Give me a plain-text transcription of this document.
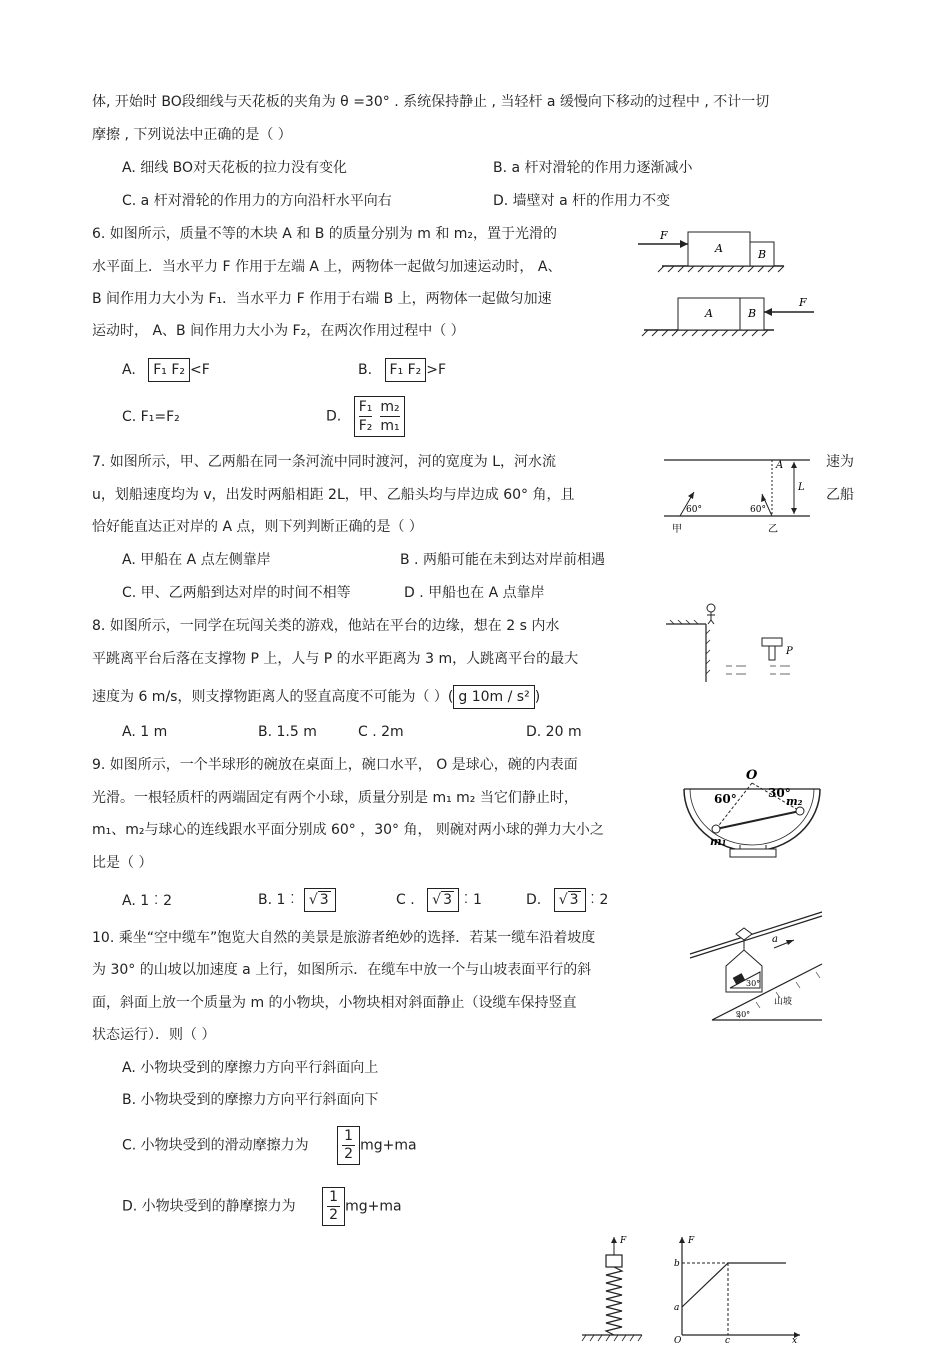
体, 开始时 BO段细线与天花板的夹角为 θ =30° . 系统保持静止 , 当轻杆 a 缓慢向下移动的过程中 , 不计一切
摩擦 , 下列说法中正确的是（ ）
A. 细线 BO对天花板的拉力没有变化	B. a 杆对滑轮的作用力逐渐减小
C. a 杆对滑轮的作用力的方向沿杆水平向右	D. 墙壁对 a 杆的作用力不变
6. 如图所示，质量不等的木块 A 和 B 的质量分别为 m 和 m₂，置于光滑的
水平面上．当水平力 F 作用于左端 A 上，两物体一起做匀加速运动时， A、
B 间作用力大小为 F₁．当水平力 F 作用于右端 B 上，两物体一起做匀加速
运动时， A、B 间作用力大小为 F₂，在两次作用过程中（ ）
F
A	B
F
A	B
A. F₁ F₂ <F	B. F₁ F₂ >F
C. F₁=F₂	D.
F₁
F₂
m₂
m₁
7. 如图所示，甲、乙两船在同一条河流中同时渡河，河的宽度为 L，河水流	速为
u，划船速度均为 v，出发时两船相距 2L，甲、乙船头均与岸边成 60° 角，且	乙船
恰好能直达正对岸的 A 点，则下列判断正确的是（ ）
A
L
60°	60°
甲	乙
A. 甲船在 A 点左侧靠岸	B . 两船可能在未到达对岸前相遇
C. 甲、乙两船到达对岸的时间不相等	D . 甲船也在 A 点靠岸
8. 如图所示，一同学在玩闯关类的游戏，他站在平台的边缘，想在 2 s 内水
平跳离平台后落在支撑物 P 上，人与 P 的水平距离为 3 m，人跳离平台的最大
速度为 6 m/s，则支撑物距离人的竖直高度不可能为（ ）( g 10m / s² )
P
A. 1 m	B. 1.5 m	C . 2m	D. 20 m
9. 如图所示，一个半球形的碗放在桌面上，碗口水平， O 是球心，碗的内表面
光滑。一根轻质杆的两端固定有两个小球，质量分别是 m₁ m₂ 当它们静止时，
m₁、m₂与球心的连线跟水平面分别成 60° ，30° 角， 则碗对两小球的弹力大小之
比是（ ）
O
60°	30°
m₁
m₂
A. 1︰2	B. 1︰ √ 3	C . √ 3 ︰1	D. √ 3 ︰2
10. 乘坐“空中缆车”饱览大自然的美景是旅游者绝妙的选择．若某一缆车沿着坡度
为 30° 的山坡以加速度 a 上行，如图所示．在缆车中放一个与山坡表面平行的斜
面，斜面上放一个质量为 m 的小物块，小物块相对斜面静止（设缆车保持竖直
状态运行）．则（ ）
30°
a
30°
山坡
A. 小物块受到的摩擦力方向平行斜面向上
B. 小物块受到的摩擦力方向平行斜面向下
C. 小物块受到的滑动摩擦力为 $\frac{1}{2} mg+ma$
D. 小物块受到的静摩擦力为 $\frac{1}{2} mg+ma$
F	F
b
a
O	c	x
